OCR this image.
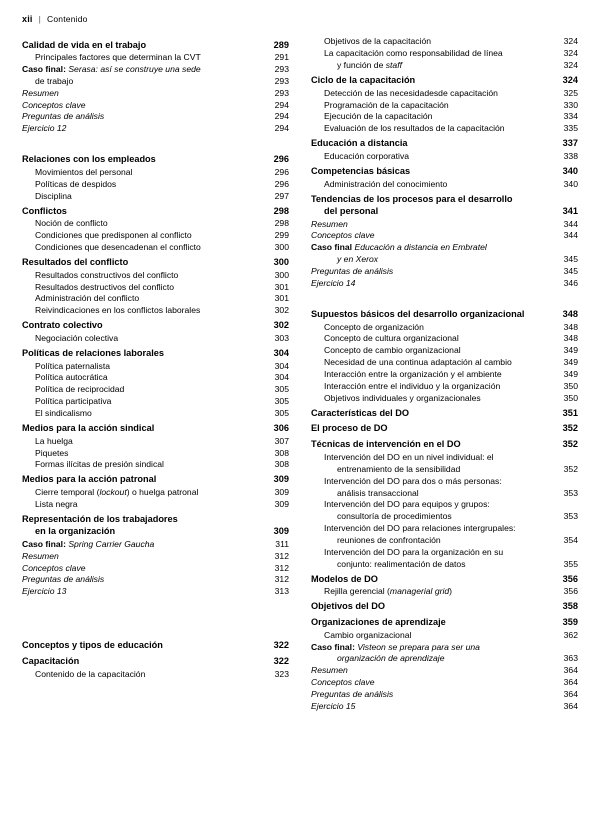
xii | Contenido
Calidad de vida en el trabajo	289
Principales factores que determinan la CVT	291
Caso final: Serasa: así se construye una sede	293
de trabajo	293
Resumen	293
Conceptos clave	294
Preguntas de análisis	294
Ejercicio 12	294
Relaciones con los empleados	296
Movimientos del personal	296
Políticas de despidos	296
Disciplina	297
Conflictos	298
Noción de conflicto	298
Condiciones que predisponen al conflicto	299
Condiciones que desencadenan el conflicto	300
Resultados del conflicto	300
Resultados constructivos del conflicto	300
Resultados destructivos del conflicto	301
Administración del conflicto	301
Reivindicaciones en los conflictos laborales	302
Contrato colectivo	302
Negociación colectiva	303
Políticas de relaciones laborales	304
Política paternalista	304
Política autocrática	304
Política de reciprocidad	305
Política participativa	305
El sindicalismo	305
Medios para la acción sindical	306
La huelga	307
Piquetes	308
Formas ilícitas de presión sindical	308
Medios para la acción patronal	309
Cierre temporal (lockout) o huelga patronal	309
Lista negra	309
Representación de los trabajadores
en la organización	309
Caso final: Spring Carrier Gaucha	311
Resumen	312
Conceptos clave	312
Preguntas de análisis	312
Ejercicio 13	313
Conceptos y tipos de educación	322
Capacitación	322
Contenido de la capacitación	323
Objetivos de la capacitación	324
La capacitación como responsabilidad de línea	324
y función de staff	324
Ciclo de la capacitación	324
Detección de las necesidadesde capacitación	325
Programación de la capacitación	330
Ejecución de la capacitación	334
Evaluación de los resultados de la capacitación	335
Educación a distancia	337
Educación corporativa	338
Competencias básicas	340
Administración del conocimiento	340
Tendencias de los procesos para el desarrollo
del personal	341
Resumen	344
Conceptos clave	344
Caso final Educación a distancia en Embratel
y en Xerox	345
Preguntas de análisis	345
Ejercicio 14	346
Supuestos básicos del desarrollo organizacional	348
Concepto de organización	348
Concepto de cultura organizacional	348
Concepto de cambio organizacional	349
Necesidad de una continua adaptación al cambio	349
Interacción entre la organización y el ambiente	349
Interacción entre el individuo y la organización	350
Objetivos individuales y organizacionales	350
Características del DO	351
El proceso de DO	352
Técnicas de intervención en el DO	352
Intervención del DO en un nivel individual: el
entrenamiento de la sensibilidad	352
Intervención del DO para dos o más personas:
análisis transaccional	353
Intervención del DO para equipos y grupos:
consultoría de procedimientos	353
Intervención del DO para relaciones intergrupales:
reuniones de confrontación	354
Intervención del DO para la organización en su
conjunto: realimentación de datos	355
Modelos de DO	356
Rejilla gerencial (managerial grid)	356
Objetivos del DO	358
Organizaciones de aprendizaje	359
Cambio organizacional	362
Caso final: Visteon se prepara para ser una
organización de aprendizaje	363
Resumen	364
Conceptos clave	364
Preguntas de análisis	364
Ejercicio 15	364
